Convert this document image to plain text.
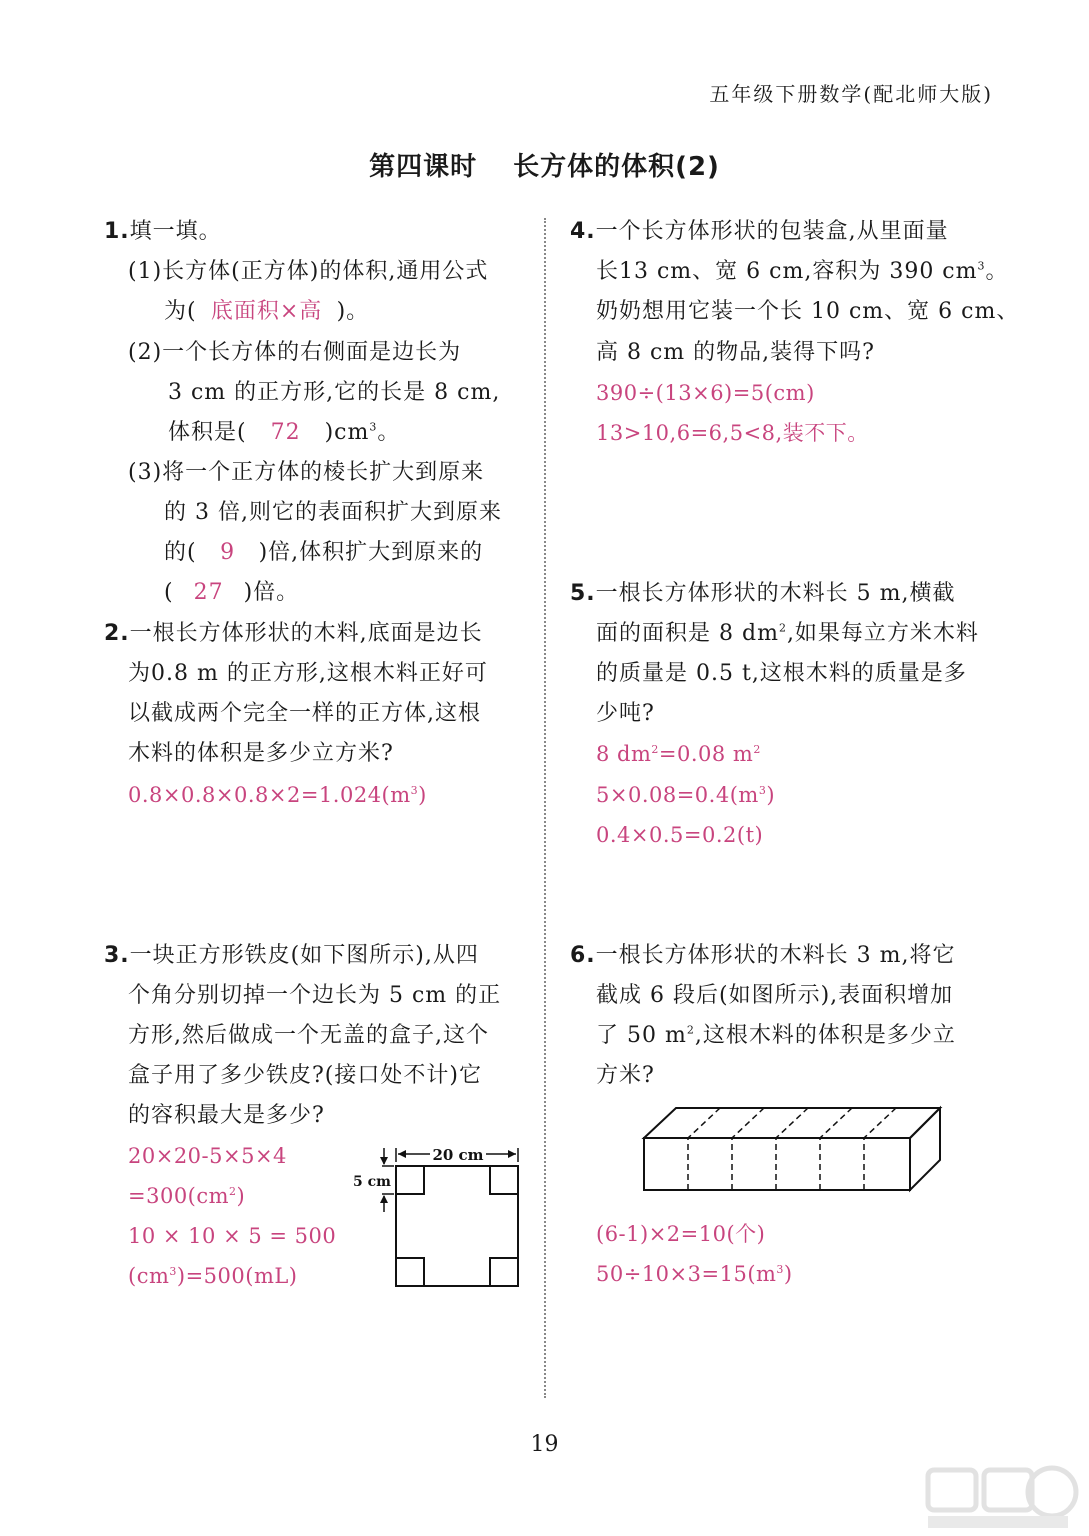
五年级下册数学(配北师大版)
第四课时 长方体的体积(2)
1.填一填。
(1)长方体(正方体)的体积,通用公式
为( 底面积×高 )。
(2)一个长方体的右侧面是边长为
3 cm 的正方形,它的长是 8 cm,
体积是( 72 )$cm^3$。
(3)将一个正方体的棱长扩大到原来
的 3 倍,则它的表面积扩大到原来
的( 9 )倍,体积扩大到原来的
( 27 )倍。
2.一根长方体形状的木料,底面是边长
为0.8 m 的正方形,这根木料正好可
以截成两个完全一样的正方体,这根
木料的体积是多少立方米?
$0.8\times 0.8\times 0.8\times 2=1.024(m^3)$
3.一块正方形铁皮(如下图所示),从四
个角分别切掉一个边长为 5 cm 的正
方形,然后做成一个无盖的盒子,这个
盒子用了多少铁皮?(接口处不计)它
的容积最大是多少?
20×20-5×5×4
$=300(cm^2)$
10 × 10 × 5 = 500
$(cm^3)=500(mL)$
20 cm
5 cm
4.一个长方体形状的包装盒,从里面量
长13 cm、宽 6 cm,容积为 390 $cm^3$。
奶奶想用它装一个长 10 cm、宽 6 cm、
高 8 cm 的物品,装得下吗?
390÷(13×6)=5(cm)
13>10,6=6,5<8,装不下。
5.一根长方体形状的木料长 5 m,横截
面的面积是 8 $dm^2$,如果每立方米木料
的质量是 0.5 t,这根木料的质量是多
少吨?
8 $dm^2=0.08$ $m^2$
$5\times 0.08=0.4(m^3)$
0.4×0.5=0.2(t)
6.一根长方体形状的木料长 3 m,将它
截成 6 段后(如图所示),表面积增加
了 50 $m^2$,这根木料的体积是多少立
方米?
(6-1)×2=10(个)
$50\div 10\times 3=15(m^3)$
19
